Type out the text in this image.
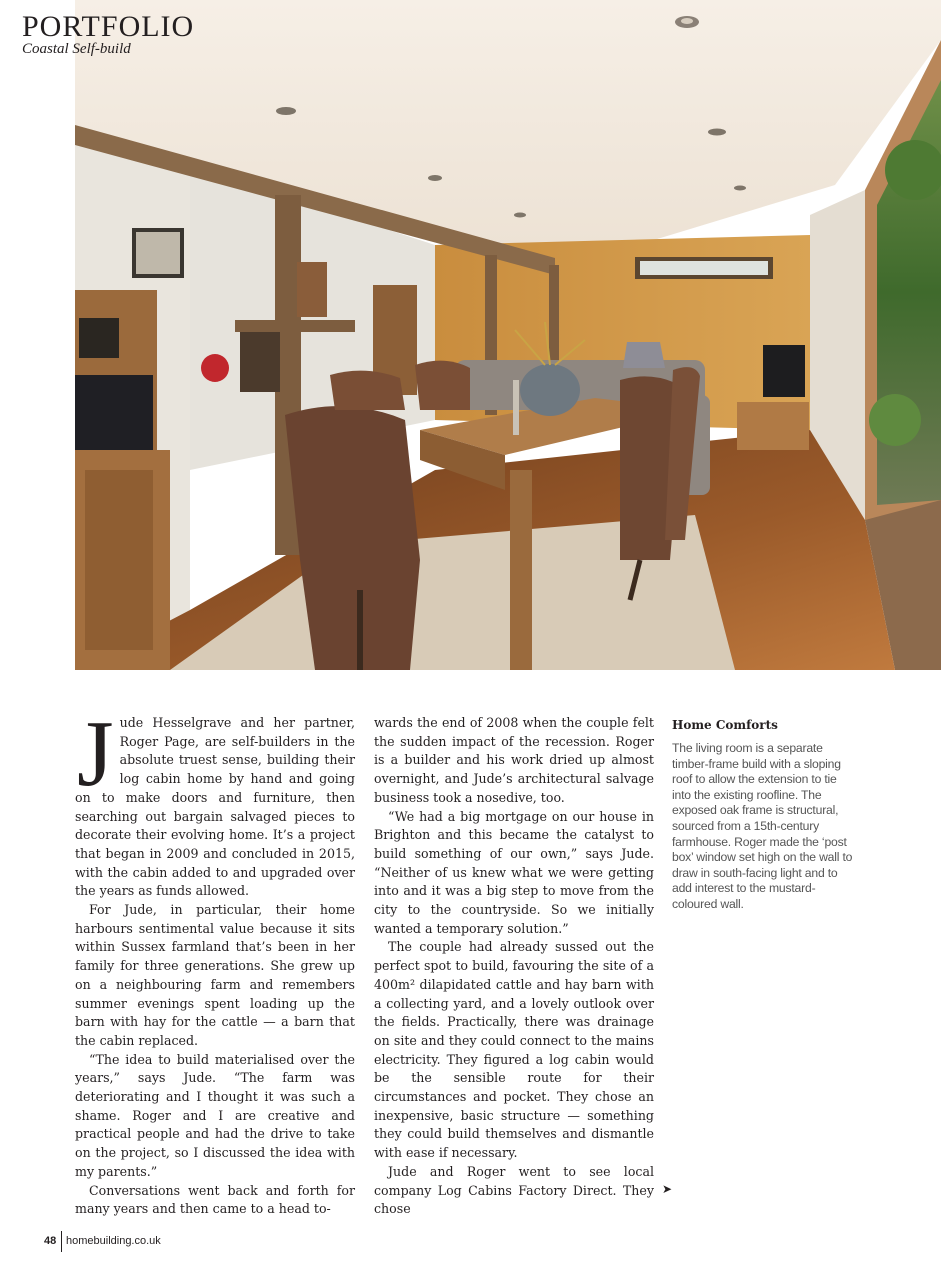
PORTFOLIO
Coastal Self-build

Jude Hesselgrave and her partner, Roger Page, are self-builders in the absolute truest sense, building their log cabin home by hand and going on to make doors and furniture, then searching out bargain salvaged pieces to decorate their evolving home. It’s a project that began in 2009 and concluded in 2015, with the cabin added to and upgraded over the years as funds allowed.

For Jude, in particular, their home harbours sentimental value because it sits within Sussex farmland that’s been in her family for three generations. She grew up on a neighbouring farm and remembers summer evenings spent loading up the barn with hay for the cattle — a barn that the cabin replaced.

“The idea to build materialised over the years,” says Jude. “The farm was deteriorating and I thought it was such a shame. Roger and I are creative and practical people and had the drive to take on the project, so I discussed the idea with my parents.”

Conversations went back and forth for many years and then came to a head to-

wards the end of 2008 when the couple felt the sudden impact of the recession. Roger is a builder and his work dried up almost overnight, and Jude’s architectural salvage business took a nosedive, too.

“We had a big mortgage on our house in Brighton and this became the catalyst to build something of our own,” says Jude. “Neither of us knew what we were getting into and it was a big step to move from the city to the countryside. So we initially wanted a temporary solution.”

The couple had already sussed out the perfect spot to build, favouring the site of a 400m² dilapidated cattle and hay barn with a collecting yard, and a lovely outlook over the fields. Practically, there was drainage on site and they could connect to the mains electricity. They figured a log cabin would be the sensible route for their circumstances and pocket. They chose an inexpensive, basic structure — something they could build themselves and dismantle with ease if necessary.

Jude and Roger went to see local company Log Cabins Factory Direct. They chose

➤
Home Comforts
The living room is a separate timber-frame build with a sloping roof to allow the extension to tie into the existing roofline. The exposed oak frame is structural, sourced from a 15th-century farmhouse. Roger made the ‘post box’ window set high on the wall to draw in south-facing light and to add interest to the mustard-coloured wall.
48 homebuilding.co.uk
